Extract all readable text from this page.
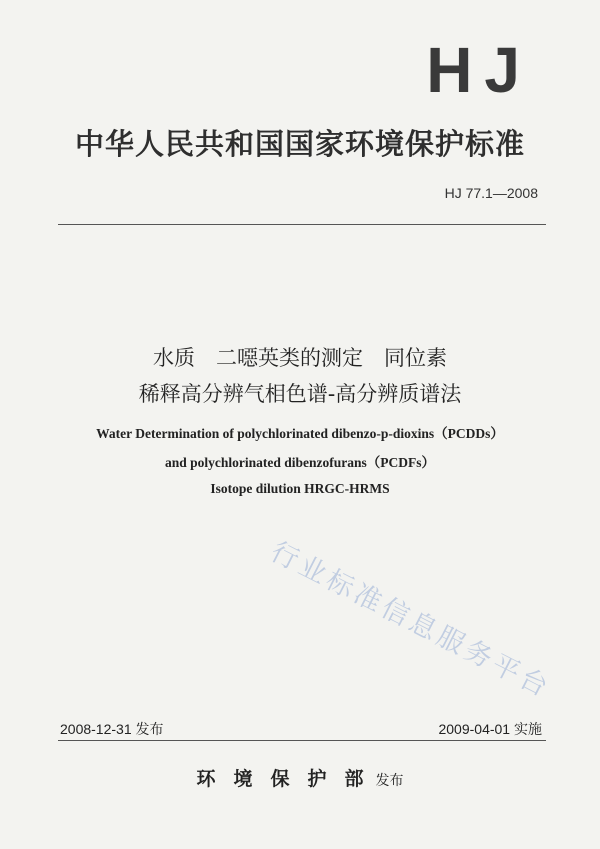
HJ
中华人民共和国国家环境保护标准
HJ 77.1—2008
水质　二噁英类的测定　同位素
稀释高分辨气相色谱-高分辨质谱法
Water Determination of polychlorinated dibenzo-p-dioxins（PCDDs）
and polychlorinated dibenzofurans（PCDFs）
Isotope dilution HRGC-HRMS
行业标准信息服务平台
2008-12-31 发布	2009-04-01 实施
环境保护部发布
